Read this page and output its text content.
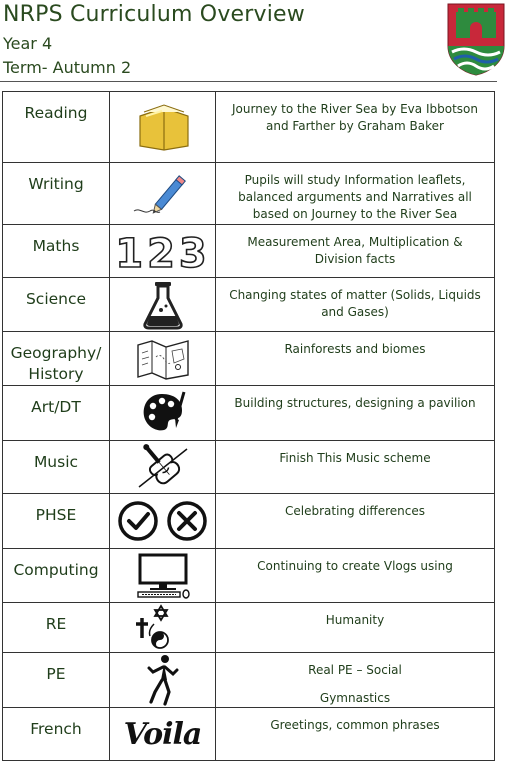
NRPS Curriculum Overview
Year 4
Term- Autumn 2
Reading		Journey to the River Sea by Eva Ibbotson and Farther by Graham Baker

Writing		Pupils will study Information leaflets, balanced arguments and Narratives all based on Journey to the River Sea

Maths	123	Measurement Area, Multiplication & Division facts

Science		Changing states of matter (Solids, Liquids and Gases)

Geography/ History		Rainforests and biomes

Art/DT		Building structures, designing a pavilion

Music		Finish This Music scheme

PHSE		Celebrating differences

Computing		Continuing to create Vlogs using

RE		Humanity

PE		Real PE – Social
Gymnastics

French	Voila	Greetings, common phrases
